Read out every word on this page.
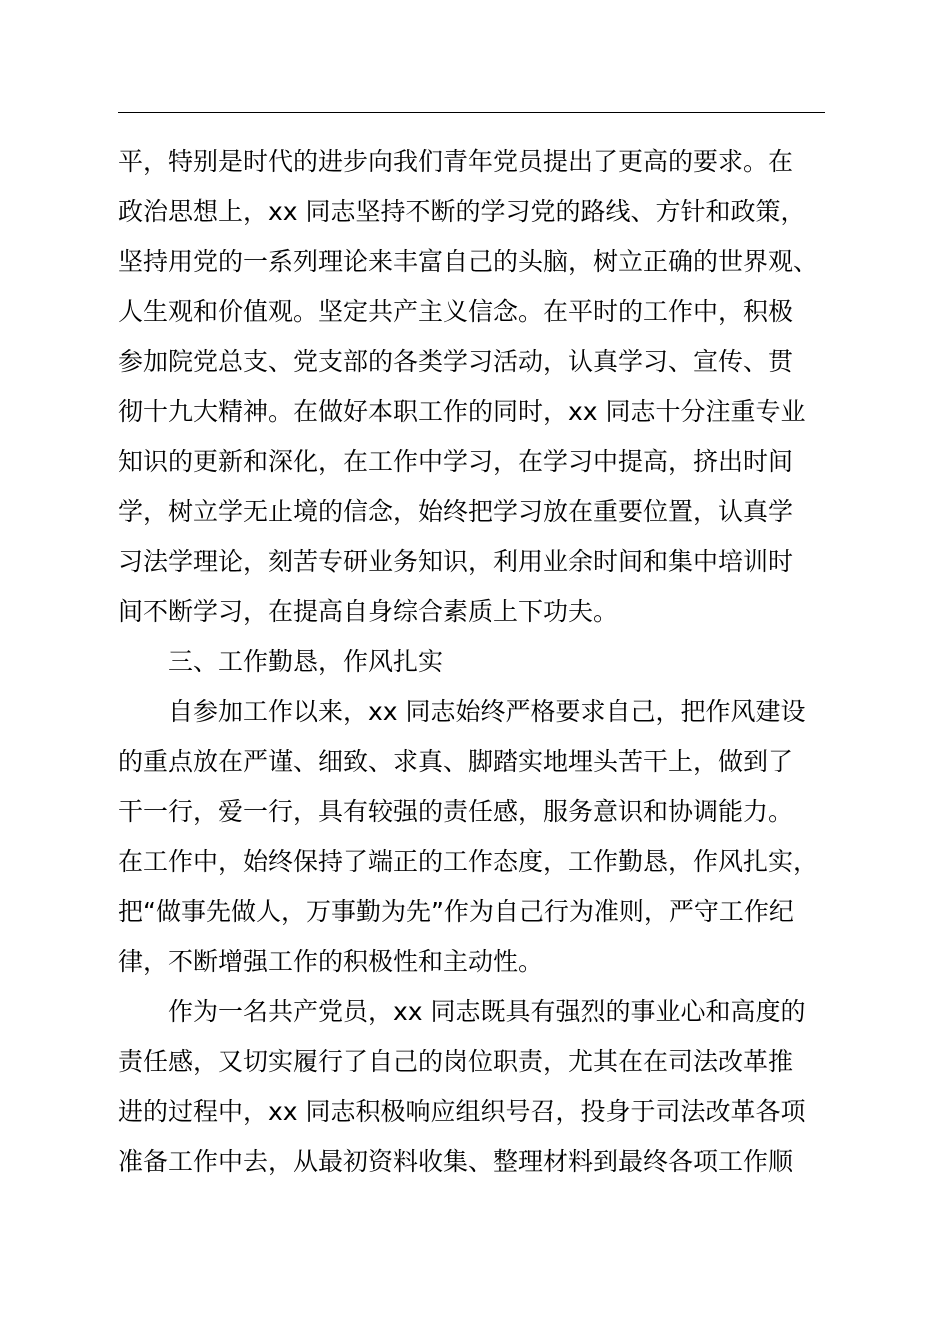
平，特别是时代的进步向我们青年党员提出了更高的要求。在
政治思想上，xx 同志坚持不断的学习党的路线、方针和政策，
坚持用党的一系列理论来丰富自己的头脑，树立正确的世界观、
人生观和价值观。坚定共产主义信念。在平时的工作中，积极
参加院党总支、党支部的各类学习活动，认真学习、宣传、贯
彻十九大精神。在做好本职工作的同时，xx 同志十分注重专业
知识的更新和深化，在工作中学习，在学习中提高，挤出时间
学，树立学无止境的信念，始终把学习放在重要位置，认真学
习法学理论，刻苦专研业务知识，利用业余时间和集中培训时
间不断学习，在提高自身综合素质上下功夫。
三、工作勤恳，作风扎实
自参加工作以来，xx 同志始终严格要求自己，把作风建设
的重点放在严谨、细致、求真、脚踏实地埋头苦干上，做到了
干一行，爱一行，具有较强的责任感，服务意识和协调能力。
在工作中，始终保持了端正的工作态度，工作勤恳，作风扎实，
把“做事先做人，万事勤为先”作为自己行为准则，严守工作纪
律，不断增强工作的积极性和主动性。
作为一名共产党员，xx 同志既具有强烈的事业心和高度的
责任感，又切实履行了自己的岗位职责，尤其在在司法改革推
进的过程中，xx 同志积极响应组织号召，投身于司法改革各项
准备工作中去，从最初资料收集、整理材料到最终各项工作顺
